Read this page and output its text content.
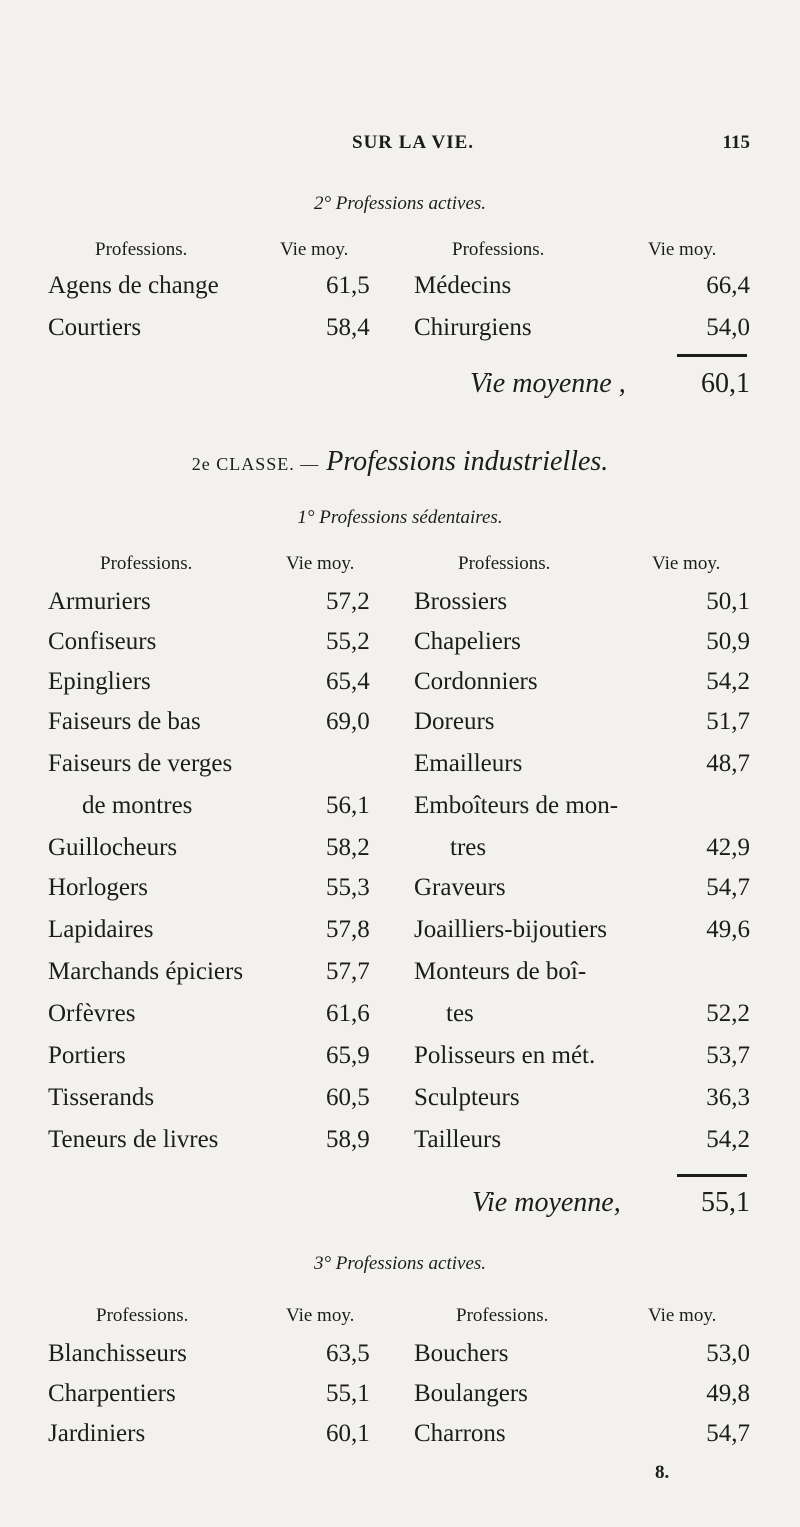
SUR LA VIE.	115
2° Professions actives.
Professions.	Vie moy.	Professions.	Vie moy.
Agens de change	61,5 Médecins	66,4
Courtiers	58,4 Chirurgiens	54,0
Vie moyenne ,	60,1
2e CLASSE. — Professions industrielles.
1° Professions sédentaires.
Professions.	Vie moy.	Professions.	Vie moy.
Armuriers	57,2 Brossiers	50,1
Confiseurs	55,2 Chapeliers	50,9
Epingliers	65,4 Cordonniers	54,2
Faiseurs de bas	69,0 Doreurs	51,7
Faiseurs de verges	Emailleurs	48,7
de montres	56,1 Emboîteurs de mon-
Guillocheurs	58,2	tres	42,9
Horlogers	55,3 Graveurs	54,7
Lapidaires	57,8 Joailliers-bijoutiers	49,6
Marchands épiciers	57,7 Monteurs de boî-
Orfèvres	61,6	tes	52,2
Portiers	65,9 Polisseurs en mét.	53,7
Tisserands	60,5 Sculpteurs	36,3
Teneurs de livres	58,9 Tailleurs	54,2
Vie moyenne,	55,1
3° Professions actives.
Professions.	Vie moy.	Professions.	Vie moy.
Blanchisseurs	63,5 Bouchers	53,0
Charpentiers	55,1 Boulangers	49,8
Jardiniers	60,1 Charrons	54,7
8.
